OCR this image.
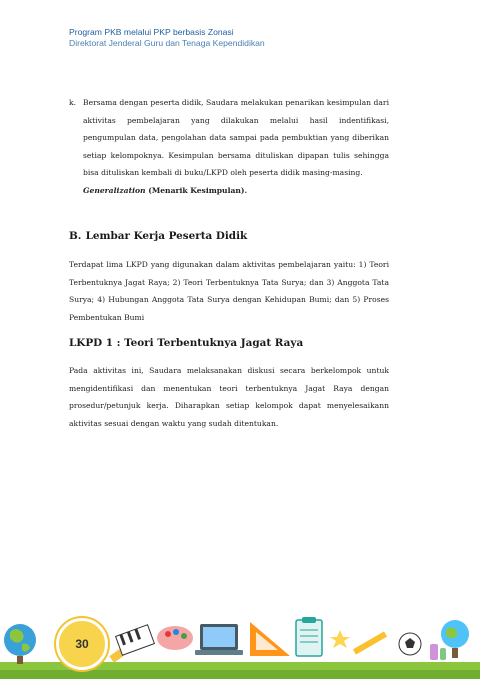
Program PKB melalui PKP berbasis Zonasi
Direktorat Jenderal Guru dan Tenaga Kependidikan
k. Bersama dengan peserta didik, Saudara melakukan penarikan kesimpulan dari aktivitas pembelajaran yang dilakukan melalui hasil indentifikasi, pengumpulan data, pengolahan data sampai pada pembuktian yang diberikan setiap kelompoknya. Kesimpulan bersama dituliskan dipapan tulis sehingga bisa dituliskan kembali di buku/LKPD oleh peserta didik masing-masing.

Generalization (Menarik Kesimpulan).

B. Lembar Kerja Peserta Didik

Terdapat lima LKPD yang digunakan dalam aktivitas pembelajaran yaitu: 1) Teori Terbentuknya Jagat Raya; 2) Teori Terbentuknya Tata Surya; dan 3) Anggota Tata Surya; 4) Hubungan Anggota Tata Surya dengan Kehidupan Bumi; dan 5) Proses Pembentukan Bumi

LKPD 1 : Teori Terbentuknya Jagat Raya

Pada aktivitas ini, Saudara melaksanakan diskusi secara berkelompok untuk mengidentifikasi dan menentukan teori terbentuknya Jagat Raya dengan prosedur/petunjuk kerja. Diharapkan setiap kelompok dapat menyelesaikann aktivitas sesuai dengan waktu yang sudah ditentukan.

30
